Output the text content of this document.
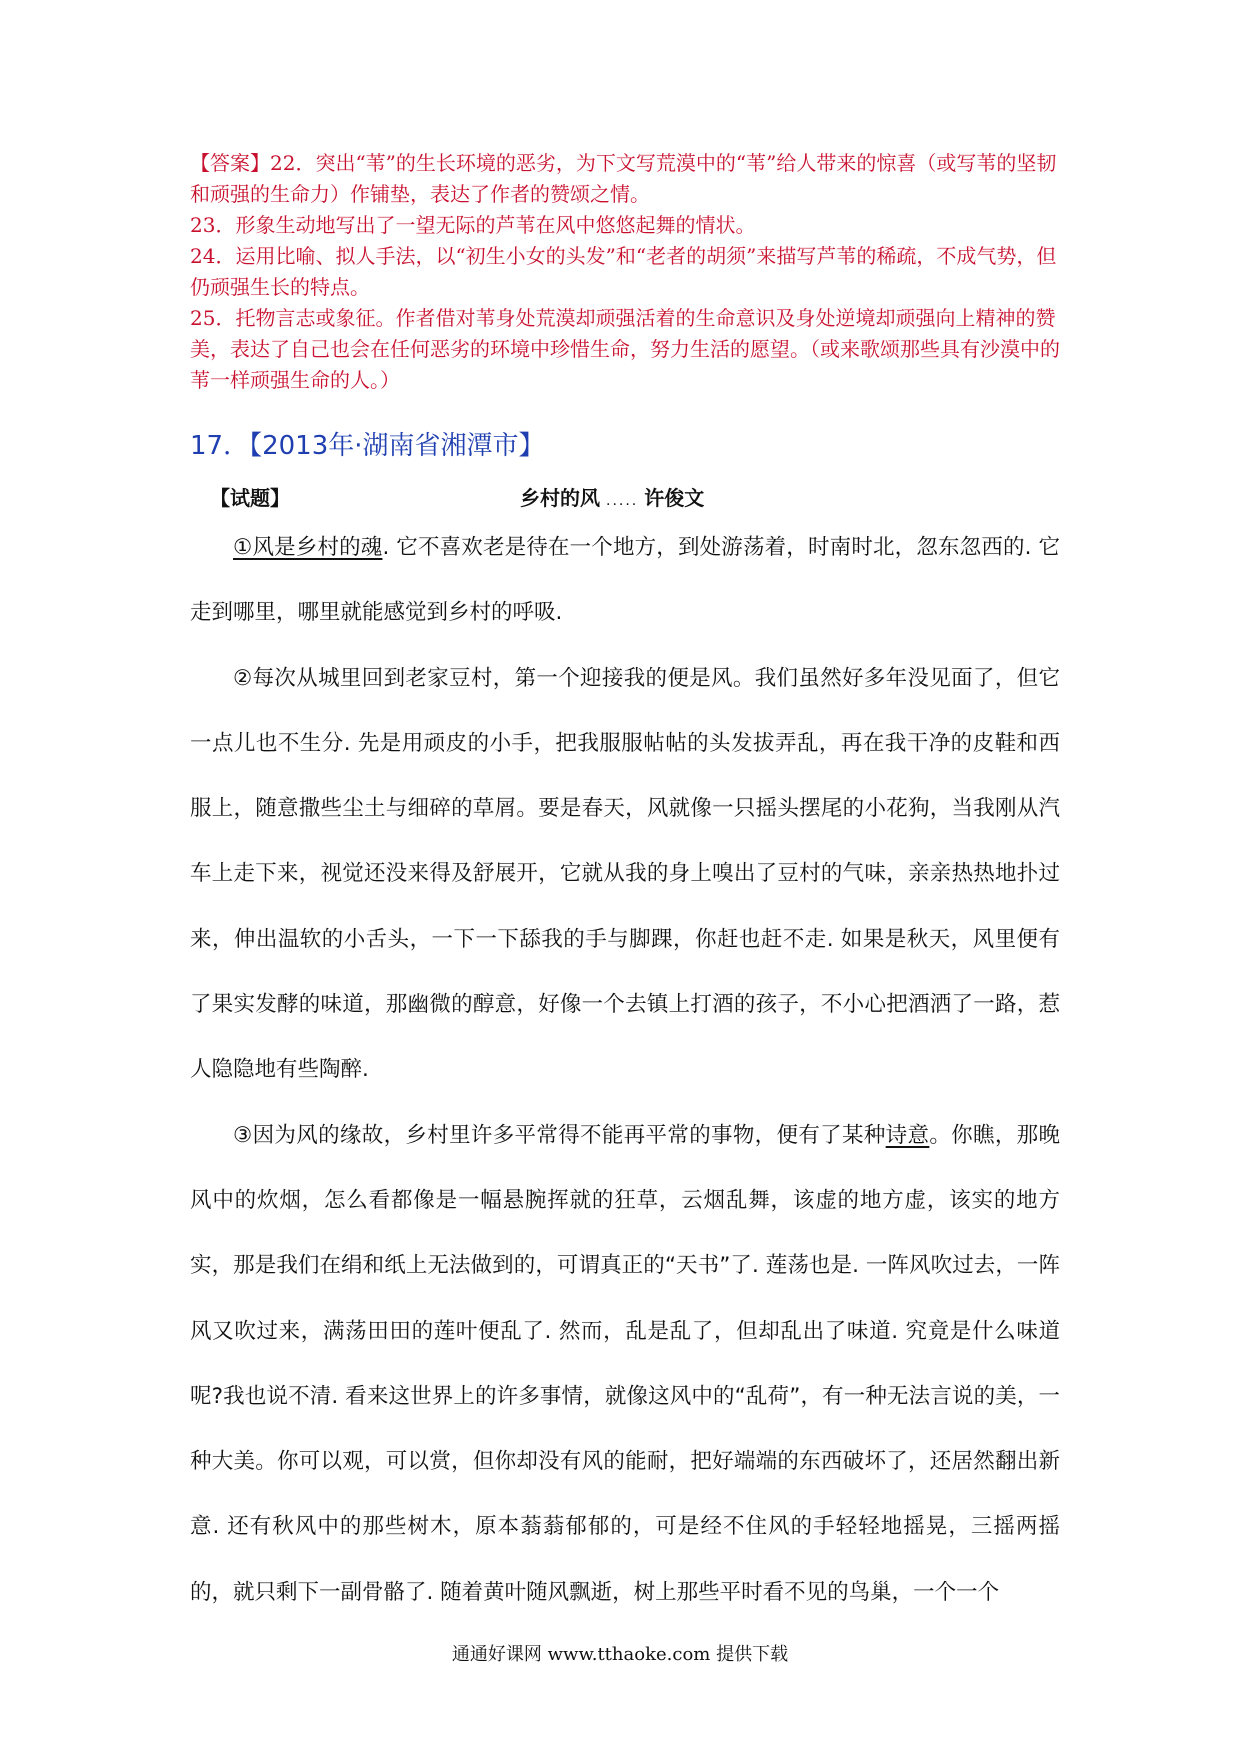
【答案】22．突出“苇”的生长环境的恶劣，为下文写荒漠中的“苇”给人带来的惊喜（或写苇的坚韧和顽强的生命力）作铺垫，表达了作者的赞颂之情。

23．形象生动地写出了一望无际的芦苇在风中悠悠起舞的情状。

24．运用比喻、拟人手法，以“初生小女的头发”和“老者的胡须”来描写芦苇的稀疏，不成气势，但仍顽强生长的特点。

25．托物言志或象征。作者借对苇身处荒漠却顽强活着的生命意识及身处逆境却顽强向上精神的赞美，表达了自己也会在任何恶劣的环境中珍惜生命，努力生活的愿望。（或来歌颂那些具有沙漠中的苇一样顽强生命的人。）

17．【2013年·湖南省湘潭市】
【试题】	乡村的风 ..... 许俊文

①风是乡村的魂. 它不喜欢老是待在一个地方，到处游荡着，时南时北，忽东忽西的. 它走到哪里，哪里就能感觉到乡村的呼吸.

②每次从城里回到老家豆村，第一个迎接我的便是风。我们虽然好多年没见面了，但它一点儿也不生分. 先是用顽皮的小手，把我服服帖帖的头发拔弄乱，再在我干净的皮鞋和西服上，随意撒些尘土与细碎的草屑。要是春天，风就像一只摇头摆尾的小花狗，当我刚从汽车上走下来，视觉还没来得及舒展开，它就从我的身上嗅出了豆村的气味，亲亲热热地扑过来，伸出温软的小舌头，一下一下舔我的手与脚踝，你赶也赶不走. 如果是秋天，风里便有了果实发酵的味道，那幽微的醇意，好像一个去镇上打酒的孩子，不小心把酒洒了一路，惹人隐隐地有些陶醉.

③因为风的缘故，乡村里许多平常得不能再平常的事物，便有了某种诗意。你瞧，那晚风中的炊烟，怎么看都像是一幅悬腕挥就的狂草，云烟乱舞，该虚的地方虚，该实的地方实，那是我们在绢和纸上无法做到的，可谓真正的“天书”了. 莲荡也是. 一阵风吹过去，一阵风又吹过来，满荡田田的莲叶便乱了. 然而，乱是乱了，但却乱出了味道. 究竟是什么味道呢?我也说不清. 看来这世界上的许多事情，就像这风中的“乱荷”，有一种无法言说的美，一种大美。你可以观，可以赏，但你却没有风的能耐，把好端端的东西破坏了，还居然翻出新意. 还有秋风中的那些树木，原本蓊蓊郁郁的，可是经不住风的手轻轻地摇晃，三摇两摇的，就只剩下一副骨骼了. 随着黄叶随风飘逝，树上那些平时看不见的鸟巢，一个一个

通通好课网 www.tthaoke.com 提供下载
